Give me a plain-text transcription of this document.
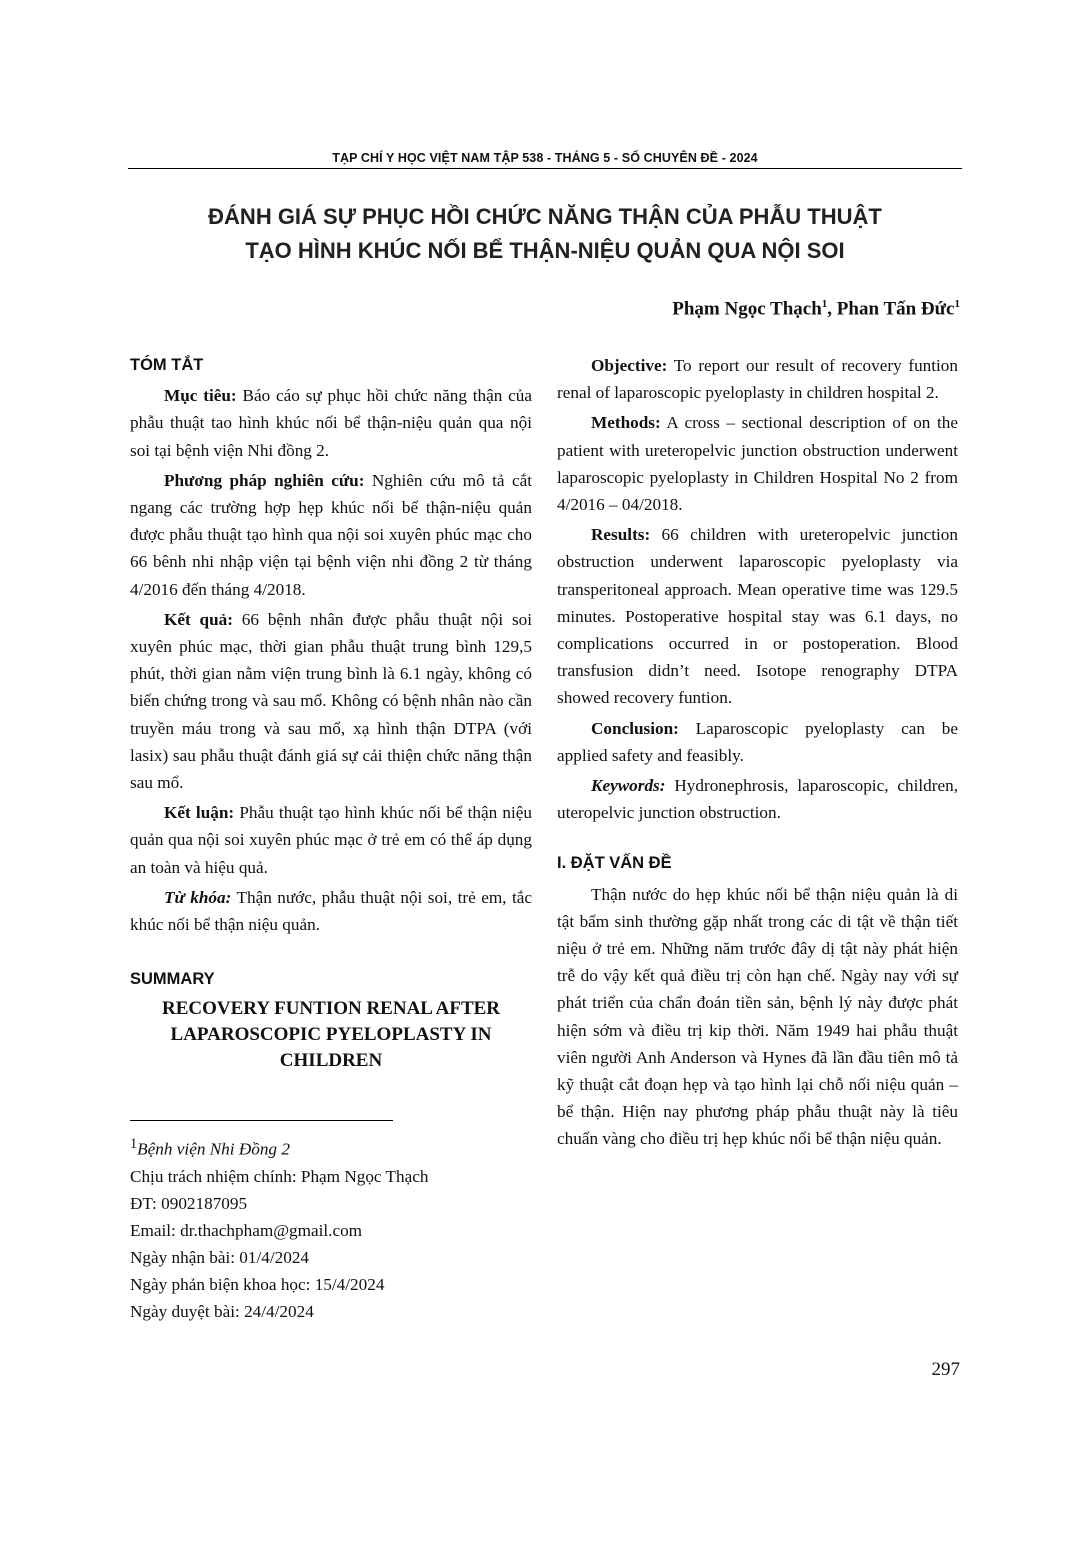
TẠP CHÍ Y HỌC VIỆT NAM TẬP 538 - THÁNG 5 - SỐ CHUYÊN ĐỀ - 2024
ĐÁNH GIÁ SỰ PHỤC HỒI CHỨC NĂNG THẬN CỦA PHẪU THUẬT
TẠO HÌNH KHÚC NỐI BỂ THẬN-NIỆU QUẢN QUA NỘI SOI
Phạm Ngọc Thạch$^1$, Phan Tấn Đức$^1$
TÓM TẮT

Mục tiêu: Báo cáo sự phục hồi chức năng thận của phẫu thuật tao hình khúc nối bể thận-niệu quản qua nội soi tại bệnh viện Nhi đồng 2.

Phương pháp nghiên cứu: Nghiên cứu mô tả cắt ngang các trường hợp hẹp khúc nối bể thận-niệu quản được phẫu thuật tạo hình qua nội soi xuyên phúc mạc cho 66 bênh nhi nhập viện tại bệnh viện nhi đồng 2 từ tháng 4/2016 đến tháng 4/2018.

Kết quả: 66 bệnh nhân được phẫu thuật nội soi xuyên phúc mạc, thời gian phẫu thuật trung bình 129,5 phút, thời gian nằm viện trung bình là 6.1 ngày, không có biến chứng trong và sau mổ. Không có bệnh nhân nào cần truyền máu trong và sau mổ, xạ hình thận DTPA (với lasix) sau phẫu thuật đánh giá sự cải thiện chức năng thận sau mổ.

Kết luận: Phẫu thuật tạo hình khúc nối bể thận niệu quản qua nội soi xuyên phúc mạc ở trẻ em có thể áp dụng an toàn và hiệu quả.

Từ khóa: Thận nước, phẫu thuật nội soi, trẻ em, tắc khúc nối bể thận niệu quản.

SUMMARY
RECOVERY FUNTION RENAL AFTER LAPAROSCOPIC PYELOPLASTY IN CHILDREN
$^1$Bệnh viện Nhi Đồng 2
Chịu trách nhiệm chính: Phạm Ngọc Thạch
ĐT: 0902187095
Email: dr.thachpham@gmail.com
Ngày nhận bài: 01/4/2024
Ngày phản biện khoa học: 15/4/2024
Ngày duyệt bài: 24/4/2024

Objective: To report our result of recovery funtion renal of laparoscopic pyeloplasty in children hospital 2.

Methods: A cross – sectional description of on the patient with ureteropelvic junction obstruction underwent laparoscopic pyeloplasty in Children Hospital No 2 from 4/2016 – 04/2018.

Results: 66 children with ureteropelvic junction obstruction underwent laparoscopic pyeloplasty via transperitoneal approach. Mean operative time was 129.5 minutes. Postoperative hospital stay was 6.1 days, no complications occurred in or postoperation. Blood transfusion didn’t need. Isotope renography DTPA showed recovery funtion.

Conclusion: Laparoscopic pyeloplasty can be applied safety and feasibly.

Keywords: Hydronephrosis, laparoscopic, children, uteropelvic junction obstruction.

I. ĐẶT VẤN ĐỀ

Thận nước do hẹp khúc nối bể thận niệu quản là di tật bẩm sinh thường gặp nhất trong các di tật về thận tiết niệu ở trẻ em. Những năm trước đây dị tật này phát hiện trễ do vậy kết quả điều trị còn hạn chế. Ngày nay với sự phát triển của chẩn đoán tiền sản, bệnh lý này được phát hiện sớm và điều trị kip thời. Năm 1949 hai phẫu thuật viên người Anh Anderson và Hynes đã lần đầu tiên mô tả kỹ thuật cắt đoạn hẹp và tạo hình lại chỗ nối niệu quản – bể thận. Hiện nay phương pháp phẫu thuật này là tiêu chuẩn vàng cho điều trị hẹp khúc nối bể thận niệu quản.

297
